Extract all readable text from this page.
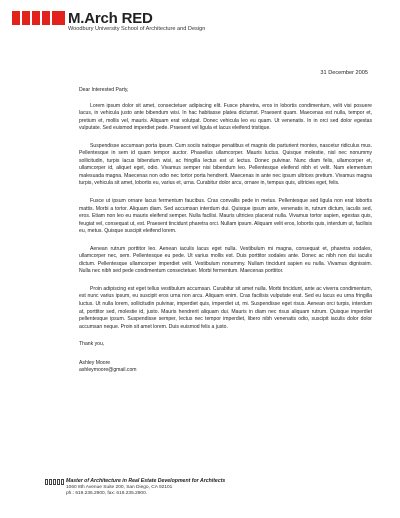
M.Arch RED
Woodbury University School of Architecture and Design
31 December 2005

Dear Interested Party,

Lorem ipsum dolor sit amet, consectetuer adipiscing elit. Fusce pharetra, eros in lobortis condimentum, velit visi posuere lacus, in vehicula justo ante bibendum wisi. In hac habitasse platea dictumst. Praesent quam. Maecenas est nulla, tempor et, pretium et, mollis vel, mauris. Aliquam erat volutpat. Donec vehicula leo eu quam. Ut venenatis. In in orci sed dolor egestas vulputate. Sed euismod imperdiet pede. Praesent vel ligula et lacus eleifend tristique.

Suspendisse accumsan porta ipsum. Cum sociis natoque penatibus et magnis dis parturient montes, nascetur ridiculus mus. Pellentesque in sem id quam tempor auctor. Phasellus ullamcorper. Mauris luctus. Quisque molestie, nisl nec nonummy sollicitudin, turpis lacus bibendum wisi, ac fringilla lectus est ut lectus. Donec pulvinar. Nunc diam felis, ullamcorper et, ullamcorper id, aliquet eget, odio. Vivamus semper nisi bibendum leo. Pellentesque eleifend nibh et velit. Nam elementum malesuada magna. Maecenas non odio nec tortor porta hendrerit. Maecenas in ante nec ipsum ultrices pretium. Vivamus magna turpis, vehicula sit amet, lobortis eu, varius et, urna. Curabitur dolor arcu, ornare in, tempus quis, ultricies eget, felis.

Fusce ut ipsum ornare lacus fermentum faucibus. Cras convallis pede in metus. Pellentesque sed ligula non erat lobortis mattis. Morbi a tortor. Aliquam diam. Sed accumsan interdum dui. Quisque ipsum ante, venenatis in, rutrum dictum, iaculis sed, eros. Etiam non leo eu mauris eleifend semper. Nulla facilisi. Mauris ultricies placerat nulla. Vivamus tortor sapien, egestas quis, feugiat vel, consequat ut, est. Praesent tincidunt pharetra orci. Nullam ipsum. Aliquam velit eros, lobortis quis, interdum ut, facilisis eu, metus. Quisque suscipit eleifend lorem.

Aenean rutrum porttitor leo. Aenean iaculis lacus eget nulla. Vestibulum mi magna, consequat et, pharetra sodales, ullamcorper nec, sem. Pellentesque eu pede. Ut varius mollis est. Duis porttitor sodales ante. Donec ac nibh non dui iaculis dictum. Pellentesque ullamcorper imperdiet velit. Vestibulum nonummy. Nullam tincidunt sapien eu nulla. Vivamus dignissim. Nulla nec nibh sed pede condimentum consectetuer. Morbi fermentum. Maecenas porttitor.

Proin adipiscing est eget tellus vestibulum accumsan. Curabitur sit amet nulla. Morbi tincidunt, ante ac viverra condimentum, est nunc varius ipsum, eu suscipit eros urna non arcu. Aliquam enim. Cras facilisis vulputate erat. Sed eu lacus eu urna fringilla luctus. Ut nulla lorem, sollicitudin pulvinar, imperdiet quis, imperdiet ut, mi. Suspendisse eget risus. Aenean orci turpis, interdum at, porttitor sed, molestie id, justo. Mauris hendrerit aliquam dui. Mauris in diam nec risus aliquam rutrum. Quisque imperdiet pellentesque ipsum. Suspendisse semper, lectus nec tempor imperdiet, libero nibh venenatis odio, suscipit iaculis dolor dolor accumsan neque. Proin sit amet lorem. Duis euismod felis a justo.

Thank you,

Ashley Moore

ashleymoore@gmail.com

Master of Architecture in Real Estate Development for Architects
1060 8th Avenue Suite 200, San Diego, CA 92101
ph.: 619.235.2900, fax: 619.235.2900.
